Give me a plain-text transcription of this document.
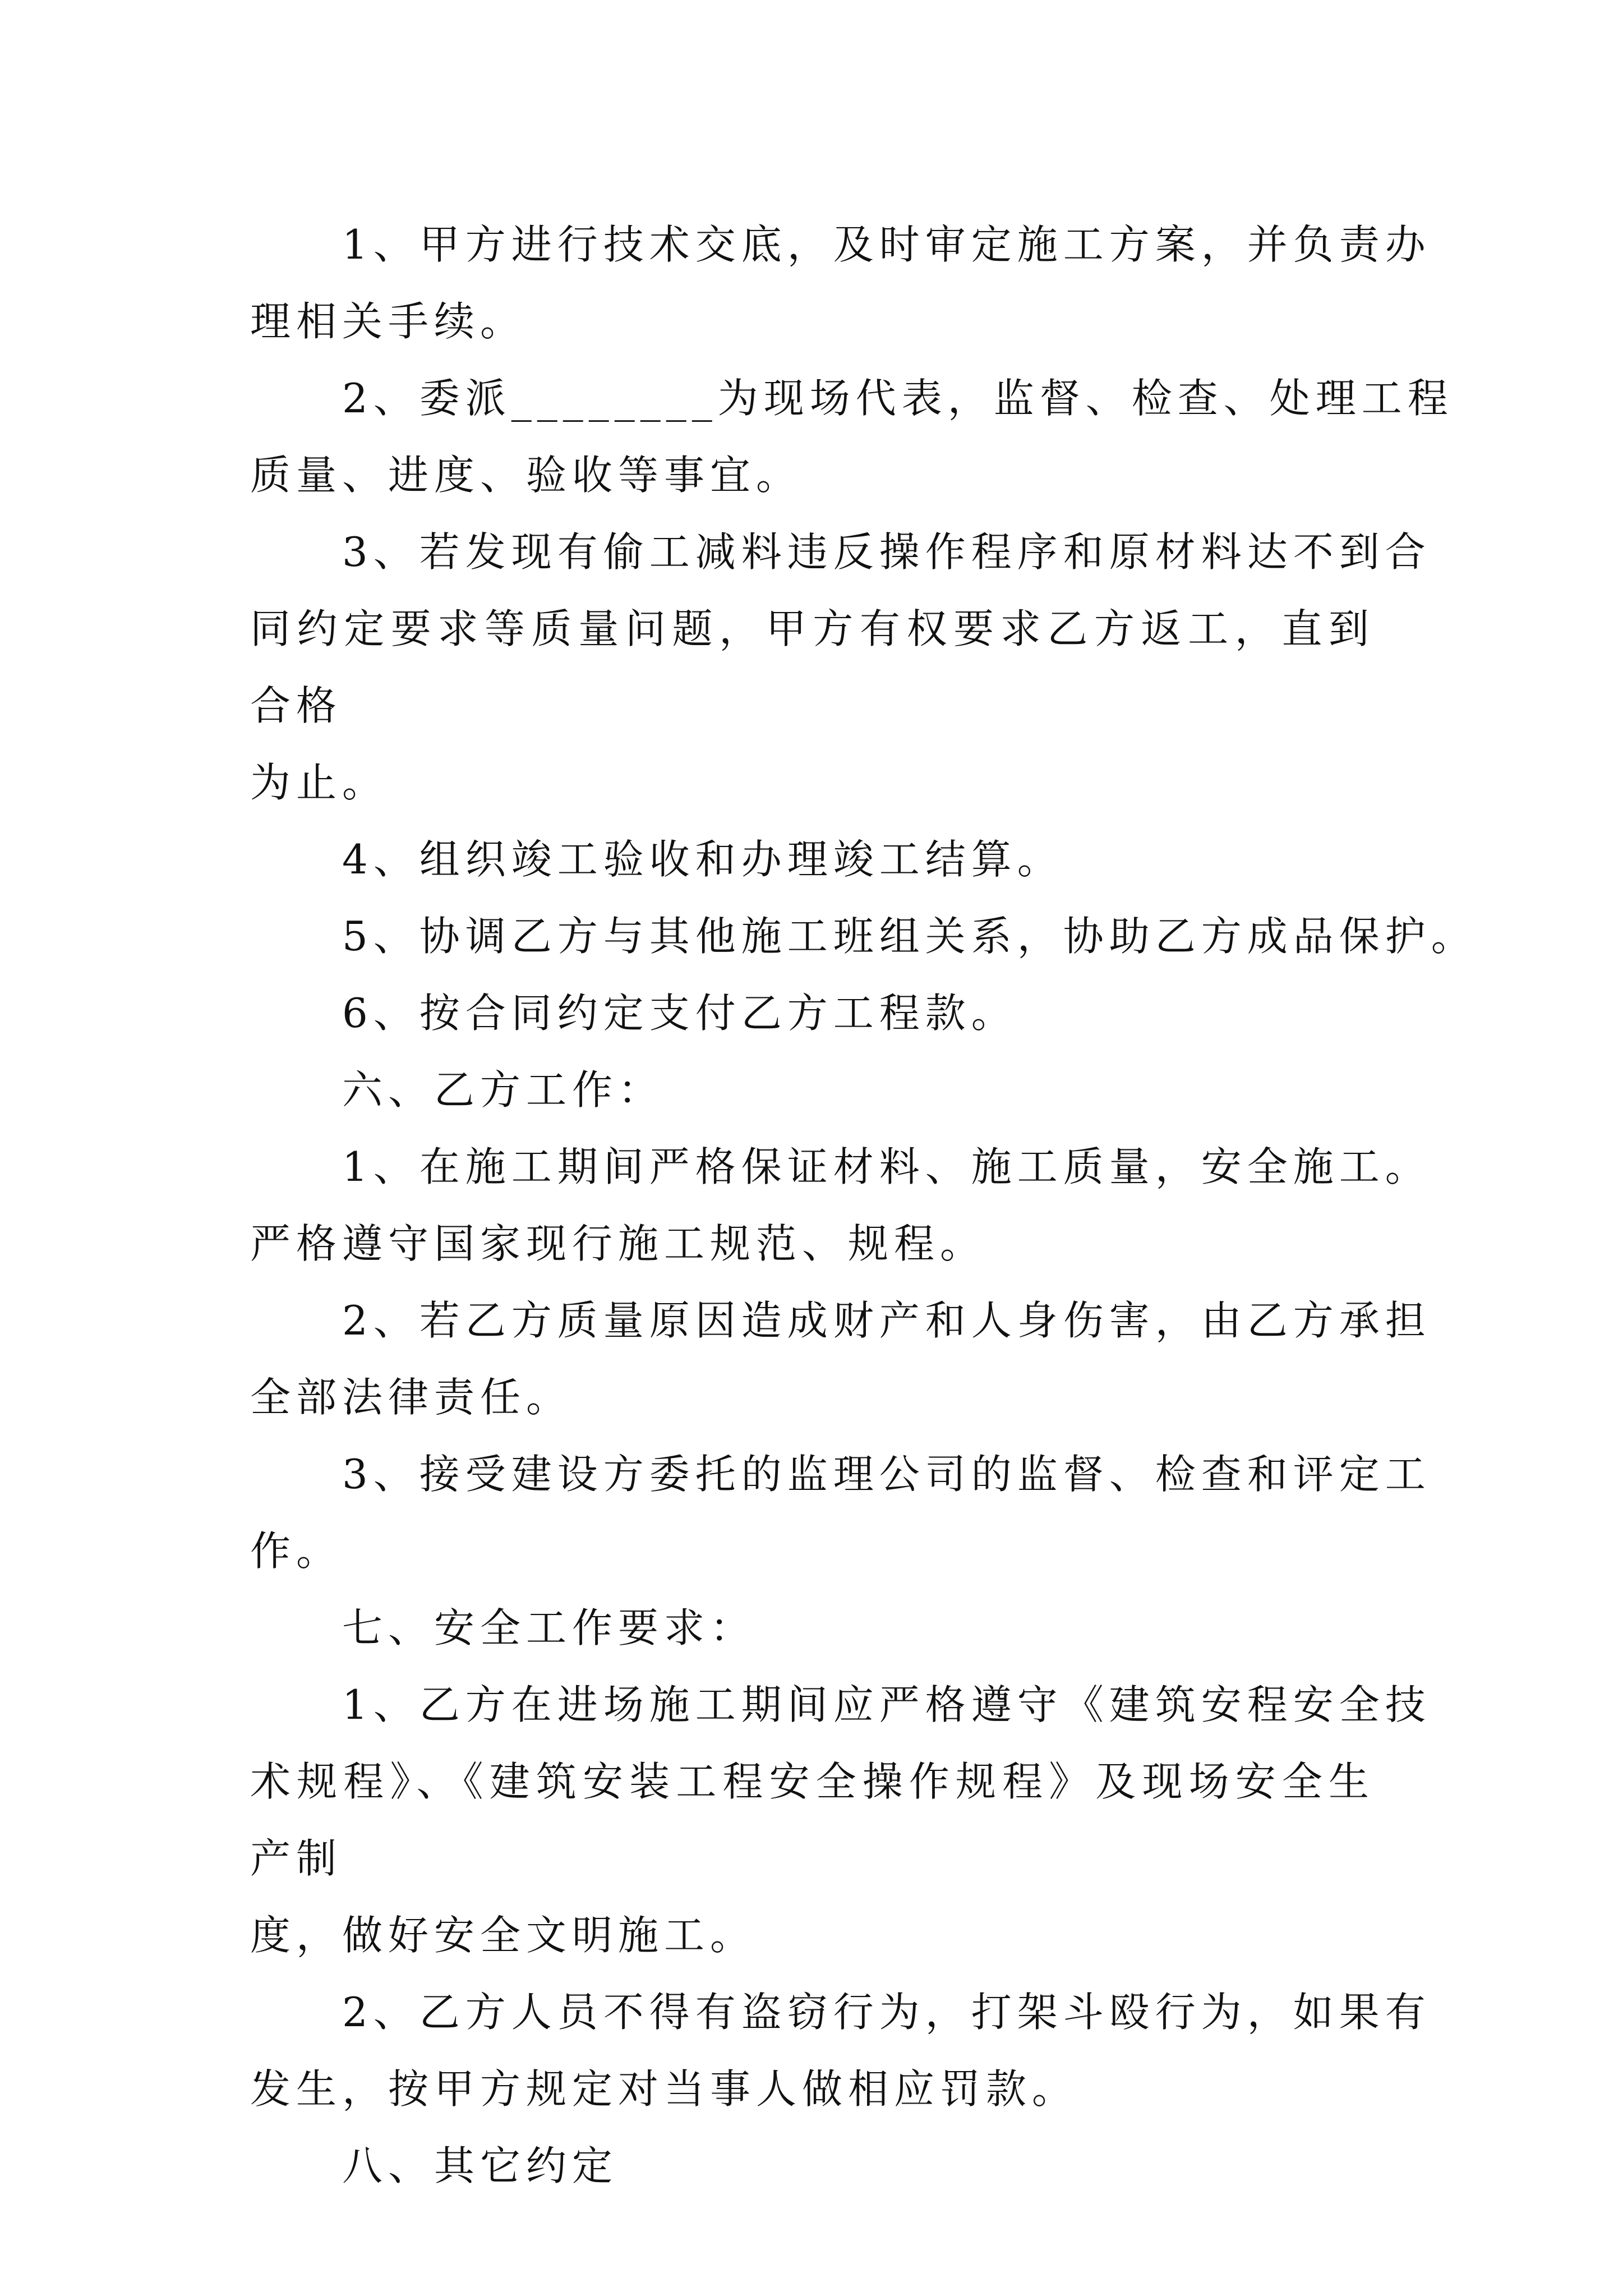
1、甲方进行技术交底，及时审定施工方案，并负责办
理相关手续。

2、委派________为现场代表，监督、检查、处理工程
质量、进度、验收等事宜。

3、若发现有偷工减料违反操作程序和原材料达不到合
同约定要求等质量问题，甲方有权要求乙方返工，直到合格
为止。

4、组织竣工验收和办理竣工结算。

5、协调乙方与其他施工班组关系，协助乙方成品保护。

6、按合同约定支付乙方工程款。

六、乙方工作：

1、在施工期间严格保证材料、施工质量，安全施工。
严格遵守国家现行施工规范、规程。

2、若乙方质量原因造成财产和人身伤害，由乙方承担
全部法律责任。

3、接受建设方委托的监理公司的监督、检查和评定工
作。

七、安全工作要求：

1、乙方在进场施工期间应严格遵守《建筑安程安全技
术规程》、《建筑安装工程安全操作规程》及现场安全生产制
度，做好安全文明施工。

2、乙方人员不得有盗窃行为，打架斗殴行为，如果有
发生，按甲方规定对当事人做相应罚款。

八、其它约定
